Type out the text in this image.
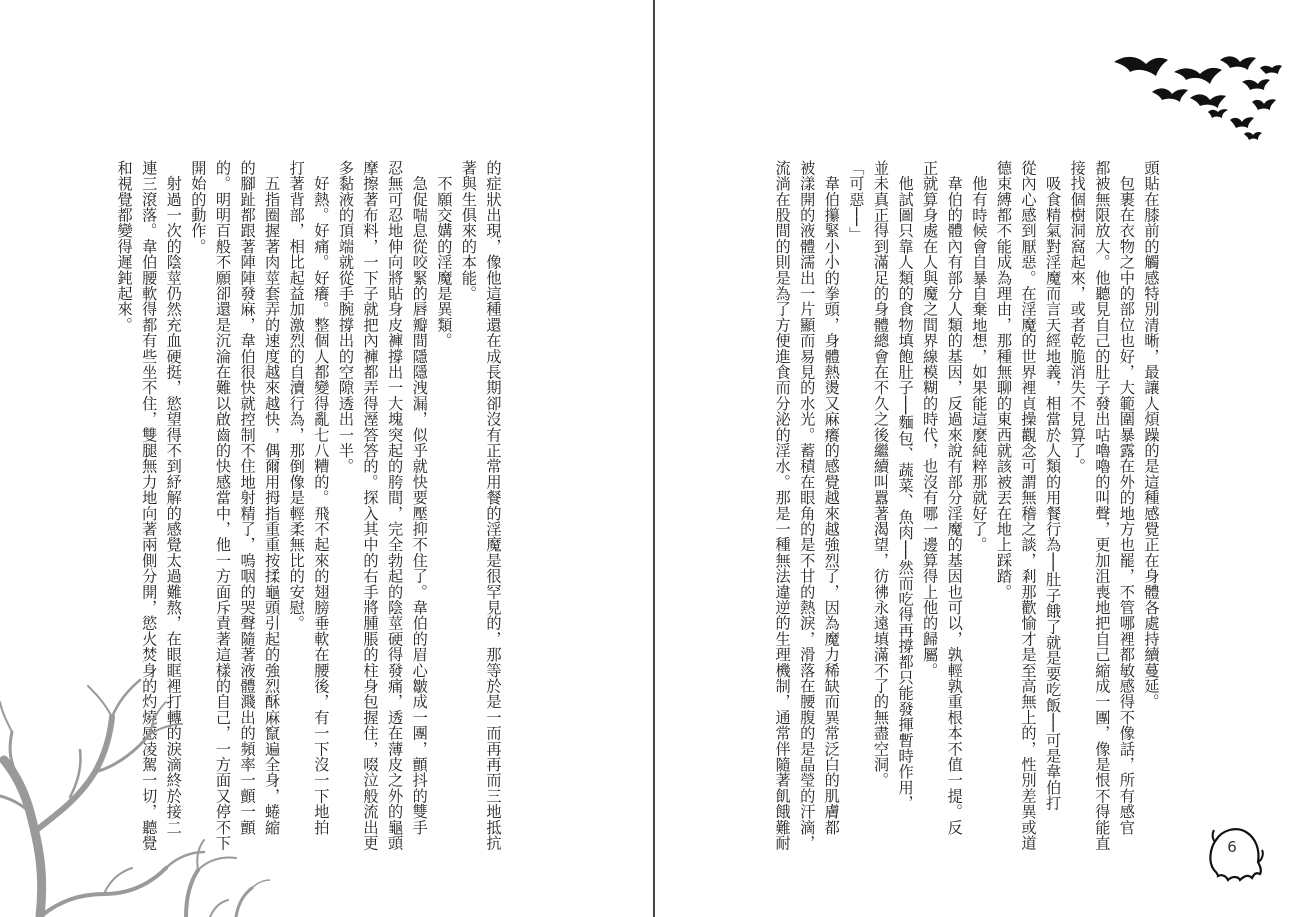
的症狀出現，像他這種還在成長期卻沒有正常用餐的淫魔是很罕見的，那等於是一而再再而三地抵抗

著與生俱來的本能。

　不願交媾的淫魔是異類。

　急促喘息從咬緊的唇瓣間隱隱洩漏，似乎就快要壓抑不住了。韋伯的眉心皺成一團，顫抖的雙手

忍無可忍地伸向將貼身皮褲撐出一大塊突起的胯間，完全勃起的陰莖硬得發痛，透在薄皮之外的龜頭

摩擦著布料，一下子就把內褲都弄得溼答答的。探入其中的右手將腫脹的柱身包握住，啜泣般流出更

多黏液的頂端就從手腕撐出的空隙透出一半。

　好熱。好痛。好癢。整個人都變得亂七八糟的。飛不起來的翅膀垂軟在腰後，有一下沒一下地拍

打著背部，相比起益加激烈的自瀆行為，那倒像是輕柔無比的安慰。

　五指圈握著肉莖套弄的速度越來越快，偶爾用拇指重重按揉龜頭引起的強烈酥麻竄遍全身，蜷縮

的腳趾都跟著陣陣發麻，韋伯很快就控制不住地射精了，嗚咽的哭聲隨著液體濺出的頻率一顫一顫

的。明明百般不願卻還是沉淪在難以啟齒的快感當中，他一方面斥責著這樣的自己，一方面又停不下

開始的動作。

　射過一次的陰莖仍然充血硬挺，慾望得不到紓解的感覺太過難熬，在眼眶裡打轉的淚滴終於接二

連三滾落。韋伯腰軟得都有些坐不住，雙腿無力地向著兩側分開，慾火焚身的灼燒感凌駕一切，聽覺

和視覺都變得遲鈍起來。	頭貼在膝前的觸感特別清晰，最讓人煩躁的是這種感覺正在身體各處持續蔓延。

　包裹在衣物之中的部位也好，大範圍暴露在外的地方也罷，不管哪裡都敏感得不像話，所有感官

都被無限放大。他聽見自己的肚子發出咕嚕嚕的叫聲，更加沮喪地把自己縮成一團，像是恨不得能直

接找個樹洞窩起來，或者乾脆消失不見算了。

　吸食精氣對淫魔而言天經地義，相當於人類的用餐行為──肚子餓了就是要吃飯──可是韋伯打

從內心感到厭惡。在淫魔的世界裡貞操觀念可謂無稽之談，剎那歡愉才是至高無上的，性別差異或道

德束縛都不能成為理由，那種無聊的東西就該被丟在地上踩踏。

　他有時候會自暴自棄地想，如果能這麼純粹那就好了。

　韋伯的體內有部分人類的基因，反過來說有部分淫魔的基因也可以，孰輕孰重根本不值一提。反

正就算身處在人與魔之間界線模糊的時代，也沒有哪一邊算得上他的歸屬。

　他試圖只靠人類的食物填飽肚子──麵包、蔬菜、魚肉──然而吃得再撐都只能發揮暫時作用，

並未真正得到滿足的身體總會在不久之後繼續叫囂著渴望，彷彿永遠填滿不了的無盡空洞。

「可惡──」

　韋伯攥緊小小的拳頭，身體熱燙又麻癢的感覺越來越強烈了，因為魔力稀缺而異常泛白的肌膚都

被漾開的液體濡出一片顯而易見的水光。蓄積在眼角的是不甘的熱淚，滑落在腰腹的是晶瑩的汗滴，

流淌在股間的則是為了方便進食而分泌的淫水。那是一種無法違逆的生理機制，通常伴隨著飢餓難耐	6
